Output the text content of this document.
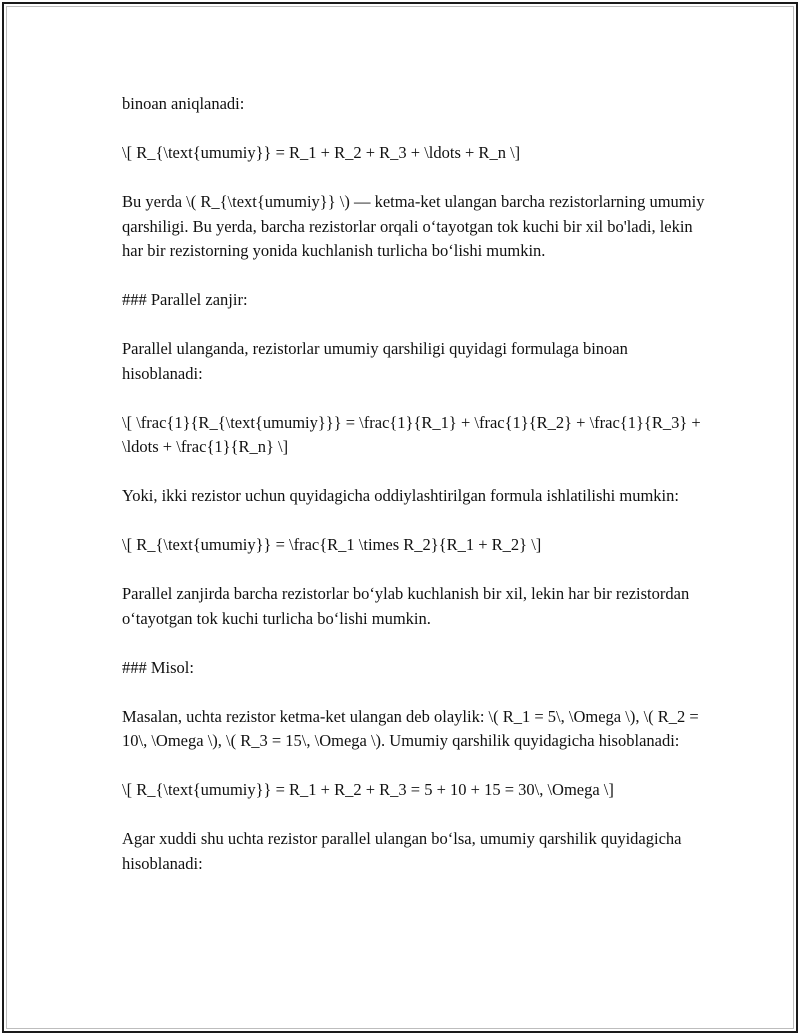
binoan aniqlanadi:

\[ R_{\text{umumiy}} = R_1 + R_2 + R_3 + \ldots + R_n \]

Bu yerda \( R_{\text{umumiy}} \) — ketma-ket ulangan barcha rezistorlarning umumiy qarshiligi. Bu yerda, barcha rezistorlar orqali o‘tayotgan tok kuchi bir xil bo'ladi, lekin har bir rezistorning yonida kuchlanish turlicha bo‘lishi mumkin.

### Parallel zanjir:

Parallel ulanganda, rezistorlar umumiy qarshiligi quyidagi formulaga binoan hisoblanadi:

\[ \frac{1}{R_{\text{umumiy}}} = \frac{1}{R_1} + \frac{1}{R_2} + \frac{1}{R_3} + \ldots + \frac{1}{R_n} \]

Yoki, ikki rezistor uchun quyidagicha oddiylashtirilgan formula ishlatilishi mumkin:

\[ R_{\text{umumiy}} = \frac{R_1 \times R_2}{R_1 + R_2} \]

Parallel zanjirda barcha rezistorlar bo‘ylab kuchlanish bir xil, lekin har bir rezistordan o‘tayotgan tok kuchi turlicha bo‘lishi mumkin.

### Misol:

Masalan, uchta rezistor ketma-ket ulangan deb olaylik: \( R_1 = 5\, \Omega \), \( R_2 = 10\, \Omega \), \( R_3 = 15\, \Omega \). Umumiy qarshilik quyidagicha hisoblanadi:

\[ R_{\text{umumiy}} = R_1 + R_2 + R_3 = 5 + 10 + 15 = 30\, \Omega \]

Agar xuddi shu uchta rezistor parallel ulangan bo‘lsa, umumiy qarshilik quyidagicha hisoblanadi:
